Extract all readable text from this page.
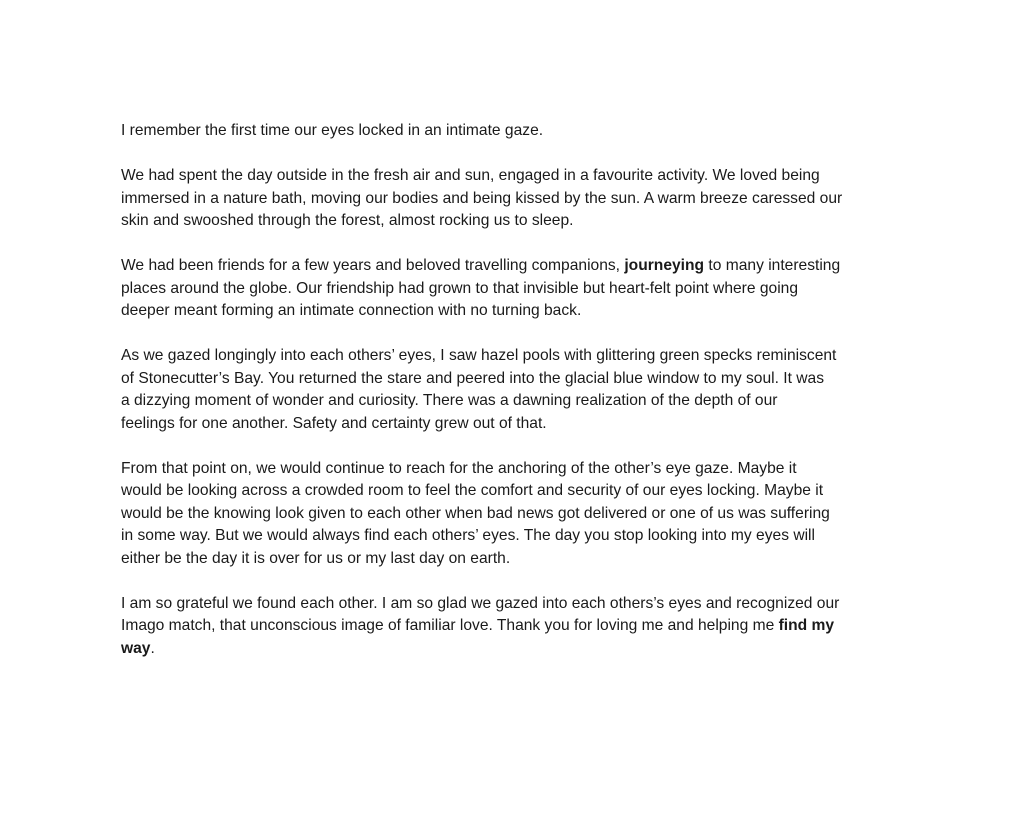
I remember the first time our eyes locked in an intimate gaze.
We had spent the day outside in the fresh air and sun, engaged in a favourite activity. We loved being
immersed in a nature bath, moving our bodies and being kissed by the sun. A warm breeze caressed our
skin and swooshed through the forest, almost rocking us to sleep.
We had been friends for a few years and beloved travelling companions, journeying to many interesting
places around the globe. Our friendship had grown to that invisible but heart-felt point where going
deeper meant forming an intimate connection with no turning back.
As we gazed longingly into each others’ eyes, I saw hazel pools with glittering green specks reminiscent
of Stonecutter’s Bay. You returned the stare and peered into the glacial blue window to my soul. It was
a dizzying moment of wonder and curiosity. There was a dawning realization of the depth of our
feelings for one another. Safety and certainty grew out of that.
From that point on, we would continue to reach for the anchoring of the other’s eye gaze. Maybe it
would be looking across a crowded room to feel the comfort and security of our eyes locking. Maybe it
would be the knowing look given to each other when bad news got delivered or one of us was suffering
in some way. But we would always find each others’ eyes. The day you stop looking into my eyes will
either be the day it is over for us or my last day on earth.
I am so grateful we found each other. I am so glad we gazed into each others’s eyes and recognized our
Imago match, that unconscious image of familiar love. Thank you for loving me and helping me find my
way.
